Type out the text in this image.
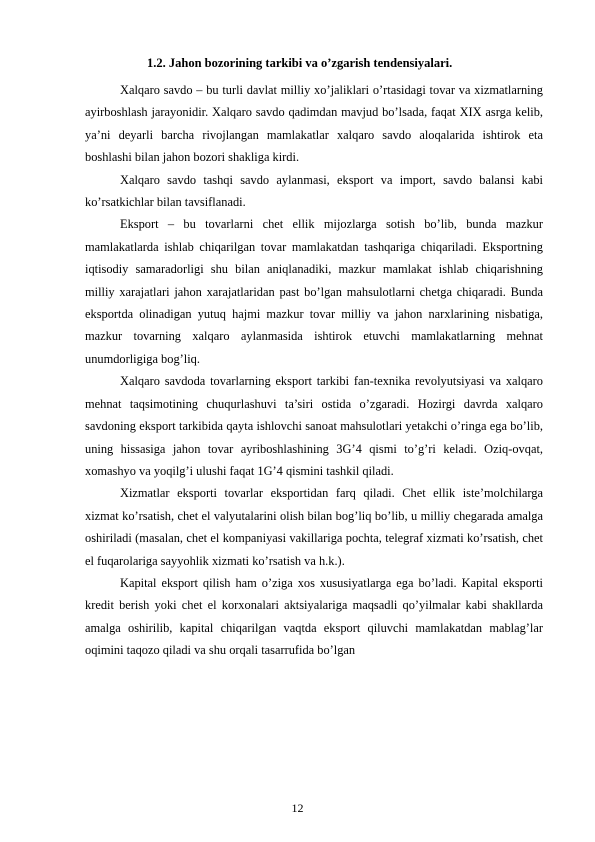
1.2. Jahon bozorining tarkibi va o’zgarish tendensiyalari.

Xalqaro savdo – bu turli davlat milliy xo’jaliklari o’rtasidagi tovar va xizmatlarning ayirboshlash jarayonidir. Xalqaro savdo qadimdan mavjud bo’lsada, faqat XIX asrga kelib, ya’ni deyarli barcha rivojlangan mamlakatlar xalqaro savdo aloqalarida ishtirok eta boshlashi bilan jahon bozori shakliga kirdi.

Xalqaro savdo tashqi savdo aylanmasi, eksport va import, savdo balansi kabi ko’rsatkichlar bilan tavsiflanadi.

Eksport – bu tovarlarni chet ellik mijozlarga sotish bo’lib, bunda mazkur mamlakatlarda ishlab chiqarilgan tovar mamlakatdan tashqariga chiqariladi. Eksportning iqtisodiy samaradorligi shu bilan aniqlanadiki, mazkur mamlakat ishlab chiqarishning milliy xarajatlari jahon xarajatlaridan past bo’lgan mahsulotlarni chetga chiqaradi. Bunda eksportda olinadigan yutuq hajmi mazkur tovar milliy va jahon narxlarining nisbatiga, mazkur tovarning xalqaro aylanmasida ishtirok etuvchi mamlakatlarning mehnat unumdorligiga bog’liq.

Xalqaro savdoda tovarlarning eksport tarkibi fan-texnika revolyutsiyasi va xalqaro mehnat taqsimotining chuqurlashuvi ta’siri ostida o’zgaradi. Hozirgi davrda xalqaro savdoning eksport tarkibida qayta ishlovchi sanoat mahsulotlari yetakchi o’ringa ega bo’lib, uning hissasiga jahon tovar ayriboshlashining 3G’4 qismi to’g’ri keladi. Oziq-ovqat, xomashyo va yoqilg’i ulushi faqat 1G’4 qismini tashkil qiladi.

Xizmatlar eksporti tovarlar eksportidan farq qiladi. Chet ellik iste’molchilarga xizmat ko’rsatish, chet el valyutalarini olish bilan bog’liq bo’lib, u milliy chegarada amalga oshiriladi (masalan, chet el kompaniyasi vakillariga pochta, telegraf xizmati ko’rsatish, chet el fuqarolariga sayyohlik xizmati ko’rsatish va h.k.).

Kapital eksport qilish ham o’ziga xos xususiyatlarga ega bo’ladi. Kapital eksporti kredit berish yoki chet el korxonalari aktsiyalariga maqsadli qo’yilmalar kabi shakllarda amalga oshirilib, kapital chiqarilgan vaqtda eksport qiluvchi mamlakatdan mablag’lar oqimini taqozo qiladi va shu orqali tasarrufida bo’lgan

12
